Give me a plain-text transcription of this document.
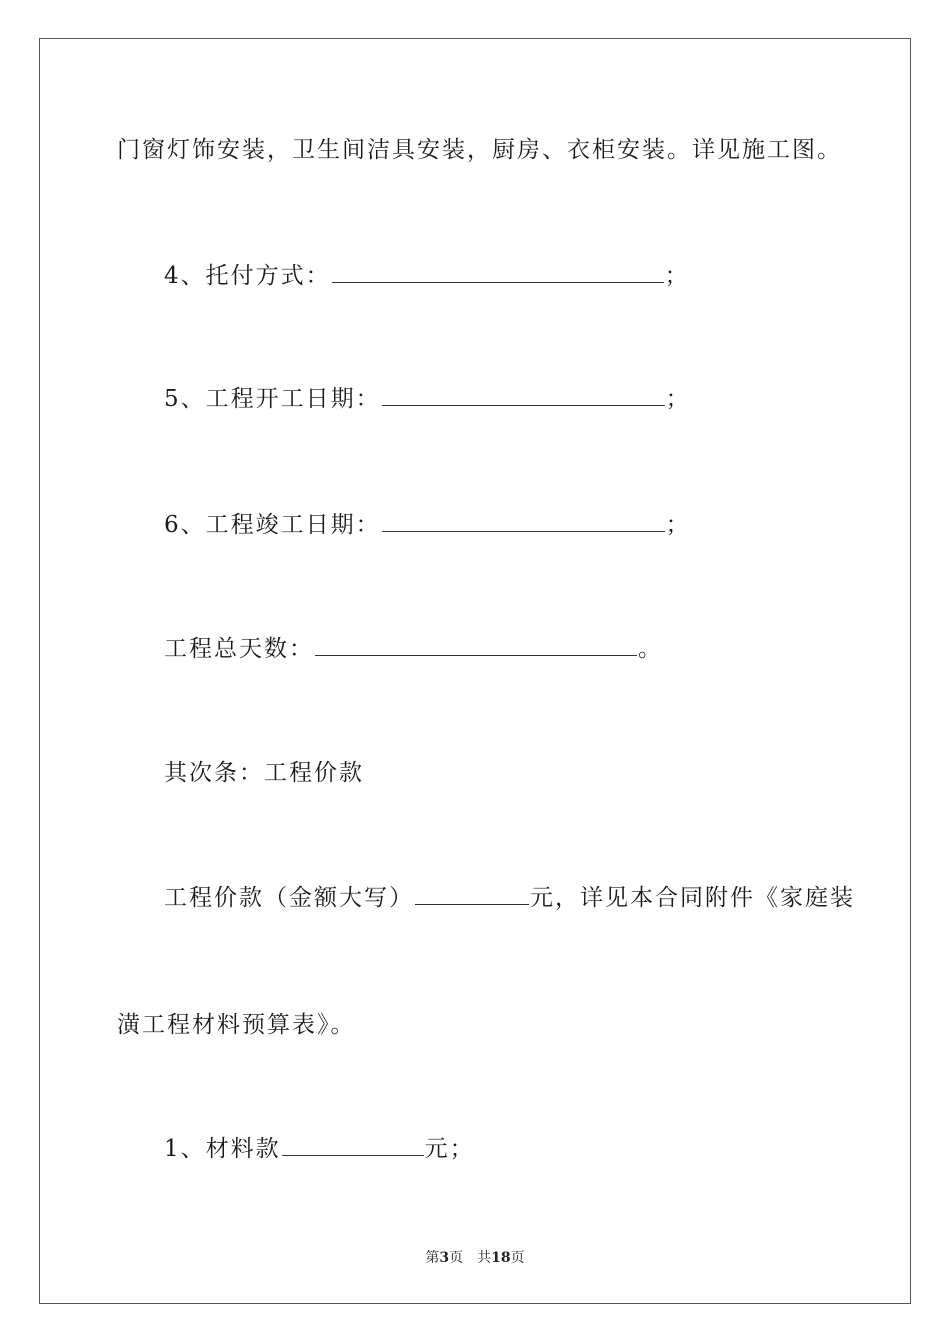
门窗灯饰安装，卫生间洁具安装，厨房、衣柜安装。详见施工图。
4、托付方式：	；
5、工程开工日期：	；
6、工程竣工日期：	；
工程总天数：	。
其次条：工程价款
工程价款（金额大写）	元，详见本合同附件《家庭装
潢工程材料预算表》。
1、材料款	元；
第3页 共18页
